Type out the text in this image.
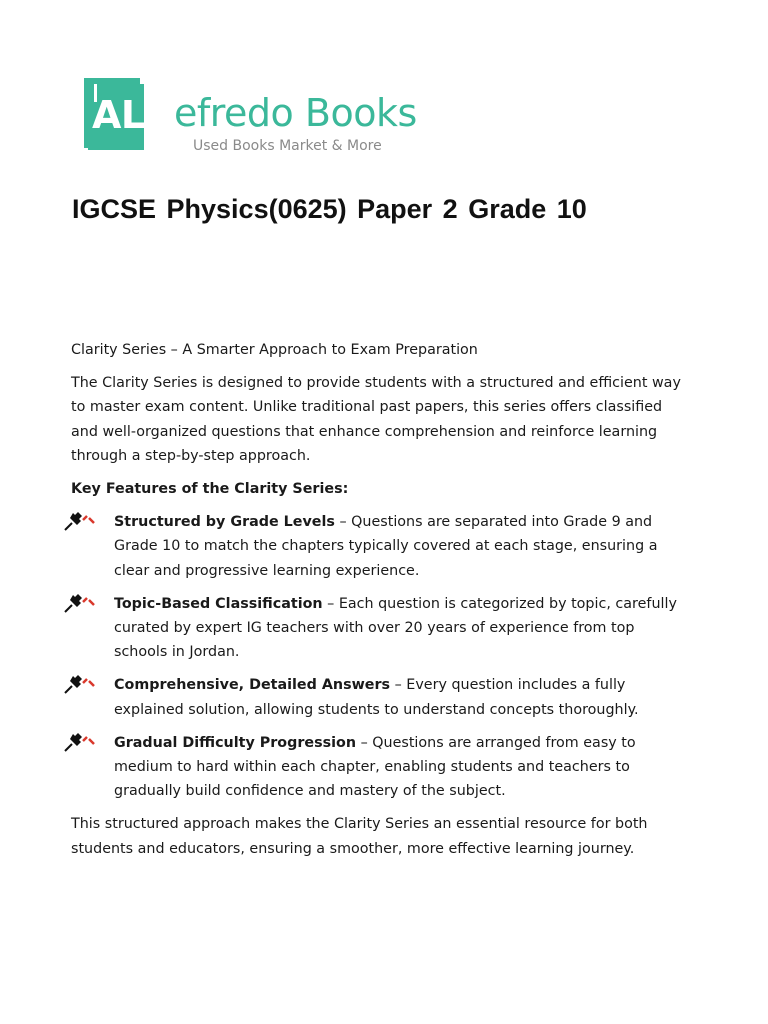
AL efredo Books
Used Books Market & More
IGCSE Physics(0625) Paper 2 Grade 10

Clarity Series – A Smarter Approach to Exam Preparation

The Clarity Series is designed to provide students with a structured and efficient way to master exam content. Unlike traditional past papers, this series offers classified and well-organized questions that enhance comprehension and reinforce learning through a step-by-step approach.

Key Features of the Clarity Series:

Structured by Grade Levels – Questions are separated into Grade 9 and Grade 10 to match the chapters typically covered at each stage, ensuring a clear and progressive learning experience.
Topic-Based Classification – Each question is categorized by topic, carefully curated by expert IG teachers with over 20 years of experience from top schools in Jordan.
Comprehensive, Detailed Answers – Every question includes a fully explained solution, allowing students to understand concepts thoroughly.
Gradual Difficulty Progression – Questions are arranged from easy to medium to hard within each chapter, enabling students and teachers to gradually build confidence and mastery of the subject.

This structured approach makes the Clarity Series an essential resource for both students and educators, ensuring a smoother, more effective learning journey.
